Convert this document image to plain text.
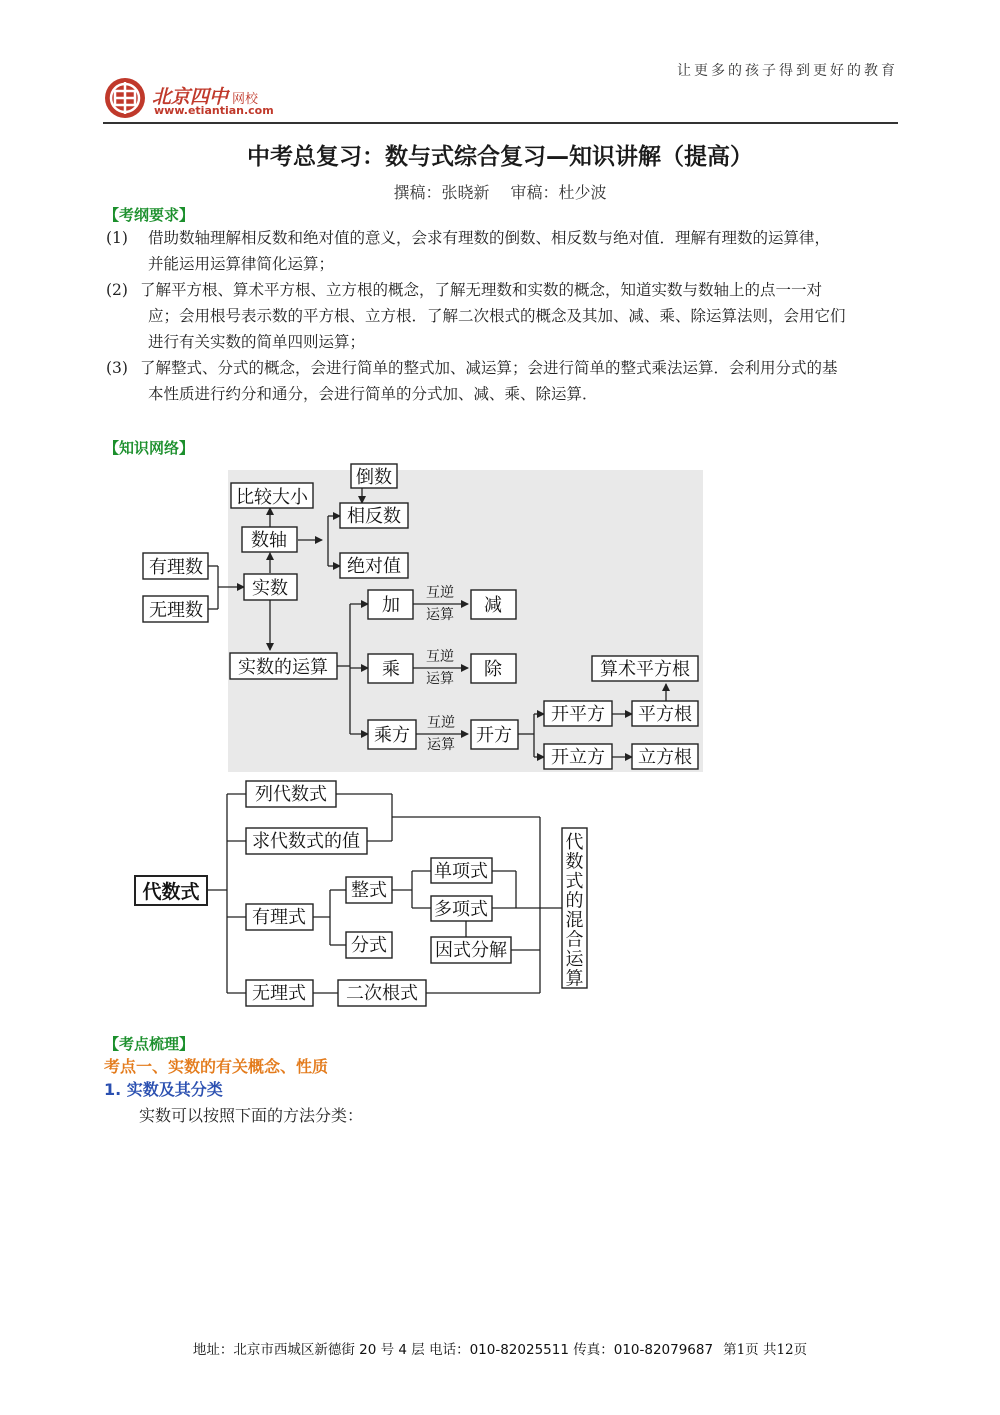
让更多的孩子得到更好的教育
北京四中 网校
www.etiantian.com
中考总复习：数与式综合复习—知识讲解（提高）
撰稿：张晓新 审稿：杜少波
【考纲要求】
(1) 借助数轴理解相反数和绝对值的意义，会求有理数的倒数、相反数与绝对值．理解有理数的运算律，
并能运用运算律简化运算；
(2) 了解平方根、算术平方根、立方根的概念，了解无理数和实数的概念，知道实数与数轴上的点一一对
应；会用根号表示数的平方根、立方根．了解二次根式的概念及其加、减、乘、除运算法则，会用它们
进行有关实数的简单四则运算；
(3) 了解整式、分式的概念，会进行简单的整式加、减运算；会进行简单的整式乘法运算．会利用分式的基
本性质进行约分和通分，会进行简单的分式加、减、乘、除运算．
【知识网络】
比较大小
倒数
数轴
相反数
绝对值
有理数
无理数
实数
加	减
实数的运算	乘	除	算术平方根
乘方	开方
开平方 平方根
开立方 立方根
互逆
运算
互逆
运算
互逆
运算
代数式
列代数式
求代数式的值
有理式
整式
分式
单项式
多项式
因式分解
无理式 二次根式
代数式的混合运算
【考点梳理】
考点一、实数的有关概念、性质
1. 实数及其分类
实数可以按照下面的方法分类：
地址：北京市西城区新德街 20 号 4 层 电话：010-82025511 传真：010-82079687 第1页 共12页
